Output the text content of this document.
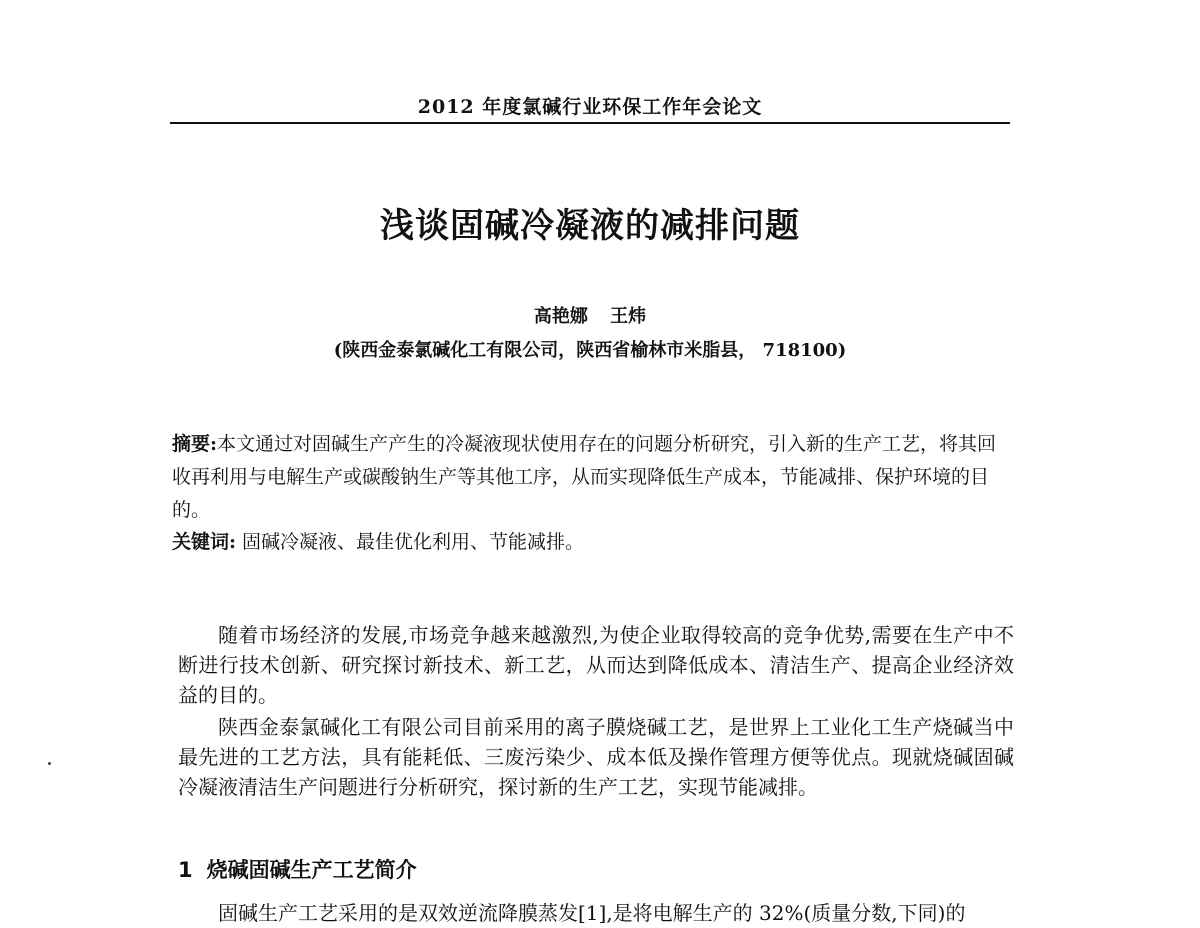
2012 年度氯碱行业环保工作年会论文
浅谈固碱冷凝液的减排问题
高艳娜 王炜
(陕西金泰氯碱化工有限公司，陕西省榆林市米脂县， 718100)
摘要:本文通过对固碱生产产生的冷凝液现状使用存在的问题分析研究，引入新的生产工艺，将其回收再利用与电解生产或碳酸钠生产等其他工序，从而实现降低生产成本，节能减排、保护环境的目的。
关键词: 固碱冷凝液、最佳优化利用、节能减排。
随着市场经济的发展,市场竞争越来越激烈,为使企业取得较高的竞争优势,需要在生产中不断进行技术创新、研究探讨新技术、新工艺，从而达到降低成本、清洁生产、提高企业经济效益的目的。
陕西金泰氯碱化工有限公司目前采用的离子膜烧碱工艺，是世界上工业化工生产烧碱当中最先进的工艺方法，具有能耗低、三废污染少、成本低及操作管理方便等优点。现就烧碱固碱冷凝液清洁生产问题进行分析研究，探讨新的生产工艺，实现节能减排。
1 烧碱固碱生产工艺简介
固碱生产工艺采用的是双效逆流降膜蒸发[1],是将电解生产的 32%(质量分数,下同)的
